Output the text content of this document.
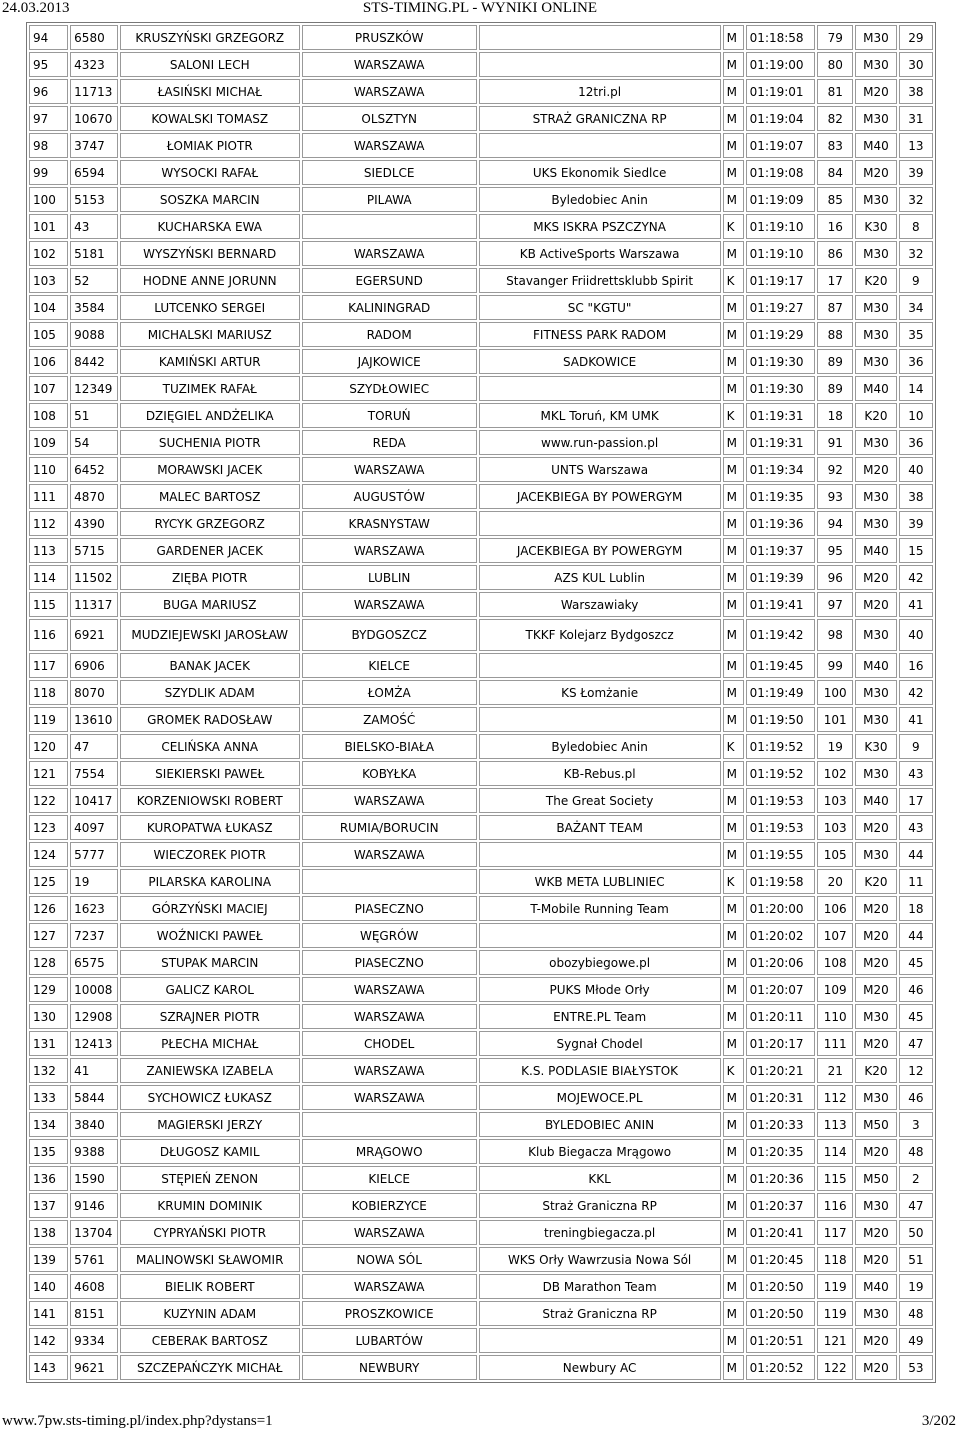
24.03.2013	STS-TIMING.PL - WYNIKI ONLINE
94	6580	KRUSZYŃSKI GRZEGORZ	PRUSZKÓW		M	01:18:58	79	M30	29
95	4323	SALONI LECH	WARSZAWA		M	01:19:00	80	M30	30
96	11713	ŁASIŃSKI MICHAŁ	WARSZAWA	12tri.pl	M	01:19:01	81	M20	38
97	10670	KOWALSKI TOMASZ	OLSZTYN	STRAŻ GRANICZNA RP	M	01:19:04	82	M30	31
98	3747	ŁOMIAK PIOTR	WARSZAWA		M	01:19:07	83	M40	13
99	6594	WYSOCKI RAFAŁ	SIEDLCE	UKS Ekonomik Siedlce	M	01:19:08	84	M20	39
100	5153	SOSZKA MARCIN	PILAWA	Byledobiec Anin	M	01:19:09	85	M30	32
101	43	KUCHARSKA EWA		MKS ISKRA PSZCZYNA	K	01:19:10	16	K30	8
102	5181	WYSZYŃSKI BERNARD	WARSZAWA	KB ActiveSports Warszawa	M	01:19:10	86	M30	32
103	52	HODNE ANNE JORUNN	EGERSUND	Stavanger Friidrettsklubb Spirit	K	01:19:17	17	K20	9
104	3584	LUTCENKO SERGEI	KALININGRAD	SC "KGTU"	M	01:19:27	87	M30	34
105	9088	MICHALSKI MARIUSZ	RADOM	FITNESS PARK RADOM	M	01:19:29	88	M30	35
106	8442	KAMIŃSKI ARTUR	JAJKOWICE	SADKOWICE	M	01:19:30	89	M30	36
107	12349	TUZIMEK RAFAŁ	SZYDŁOWIEC		M	01:19:30	89	M40	14
108	51	DZIĘGIEL ANDŻELIKA	TORUŃ	MKL Toruń, KM UMK	K	01:19:31	18	K20	10
109	54	SUCHENIA PIOTR	REDA	www.run-passion.pl	M	01:19:31	91	M30	36
110	6452	MORAWSKI JACEK	WARSZAWA	UNTS Warszawa	M	01:19:34	92	M20	40
111	4870	MALEC BARTOSZ	AUGUSTÓW	JACEKBIEGA BY POWERGYM	M	01:19:35	93	M30	38
112	4390	RYCYK GRZEGORZ	KRASNYSTAW		M	01:19:36	94	M30	39
113	5715	GARDENER JACEK	WARSZAWA	JACEKBIEGA BY POWERGYM	M	01:19:37	95	M40	15
114	11502	ZIĘBA PIOTR	LUBLIN	AZS KUL Lublin	M	01:19:39	96	M20	42
115	11317	BUGA MARIUSZ	WARSZAWA	Warszawiaky	M	01:19:41	97	M20	41
116	6921	MUDZIEJEWSKI JAROSŁAW	BYDGOSZCZ	TKKF Kolejarz Bydgoszcz	M	01:19:42	98	M30	40
117	6906	BANAK JACEK	KIELCE		M	01:19:45	99	M40	16
118	8070	SZYDLIK ADAM	ŁOMŻA	KS Łomżanie	M	01:19:49	100	M30	42
119	13610	GROMEK RADOSŁAW	ZAMOŚĆ		M	01:19:50	101	M30	41
120	47	CELIŃSKA ANNA	BIELSKO-BIAŁA	Byledobiec Anin	K	01:19:52	19	K30	9
121	7554	SIEKIERSKI PAWEŁ	KOBYŁKA	KB-Rebus.pl	M	01:19:52	102	M30	43
122	10417	KORZENIOWSKI ROBERT	WARSZAWA	The Great Society	M	01:19:53	103	M40	17
123	4097	KUROPATWA ŁUKASZ	RUMIA/BORUCIN	BAŻANT TEAM	M	01:19:53	103	M20	43
124	5777	WIECZOREK PIOTR	WARSZAWA		M	01:19:55	105	M30	44
125	19	PILARSKA KAROLINA		WKB META LUBLINIEC	K	01:19:58	20	K20	11
126	1623	GÓRZYŃSKI MACIEJ	PIASECZNO	T-Mobile Running Team	M	01:20:00	106	M20	18
127	7237	WOŹNICKI PAWEŁ	WĘGRÓW		M	01:20:02	107	M20	44
128	6575	STUPAK MARCIN	PIASECZNO	obozybiegowe.pl	M	01:20:06	108	M20	45
129	10008	GALICZ KAROL	WARSZAWA	PUKS Młode Orły	M	01:20:07	109	M20	46
130	12908	SZRAJNER PIOTR	WARSZAWA	ENTRE.PL Team	M	01:20:11	110	M30	45
131	12413	PŁECHA MICHAŁ	CHODEL	Sygnał Chodel	M	01:20:17	111	M20	47
132	41	ZANIEWSKA IZABELA	WARSZAWA	K.S. PODLASIE BIAŁYSTOK	K	01:20:21	21	K20	12
133	5844	SYCHOWICZ ŁUKASZ	WARSZAWA	MOJEWOCE.PL	M	01:20:31	112	M30	46
134	3840	MAGIERSKI JERZY		BYLEDOBIEC ANIN	M	01:20:33	113	M50	3
135	9388	DŁUGOSZ KAMIL	MRĄGOWO	Klub Biegacza Mrągowo	M	01:20:35	114	M20	48
136	1590	STĘPIEŃ ZENON	KIELCE	KKL	M	01:20:36	115	M50	2
137	9146	KRUMIN DOMINIK	KOBIERZYCE	Straż Graniczna RP	M	01:20:37	116	M30	47
138	13704	CYPRYAŃSKI PIOTR	WARSZAWA	treningbiegacza.pl	M	01:20:41	117	M20	50
139	5761	MALINOWSKI SŁAWOMIR	NOWA SÓL	WKS Orły Wawrzusia Nowa Sól	M	01:20:45	118	M20	51
140	4608	BIELIK ROBERT	WARSZAWA	DB Marathon Team	M	01:20:50	119	M40	19
141	8151	KUZYNIN ADAM	PROSZKOWICE	Straż Graniczna RP	M	01:20:50	119	M30	48
142	9334	CEBERAK BARTOSZ	LUBARTÓW		M	01:20:51	121	M20	49
143	9621	SZCZEPAŃCZYK MICHAŁ	NEWBURY	Newbury AC	M	01:20:52	122	M20	53
www.7pw.sts-timing.pl/index.php?dystans=1	3/202
